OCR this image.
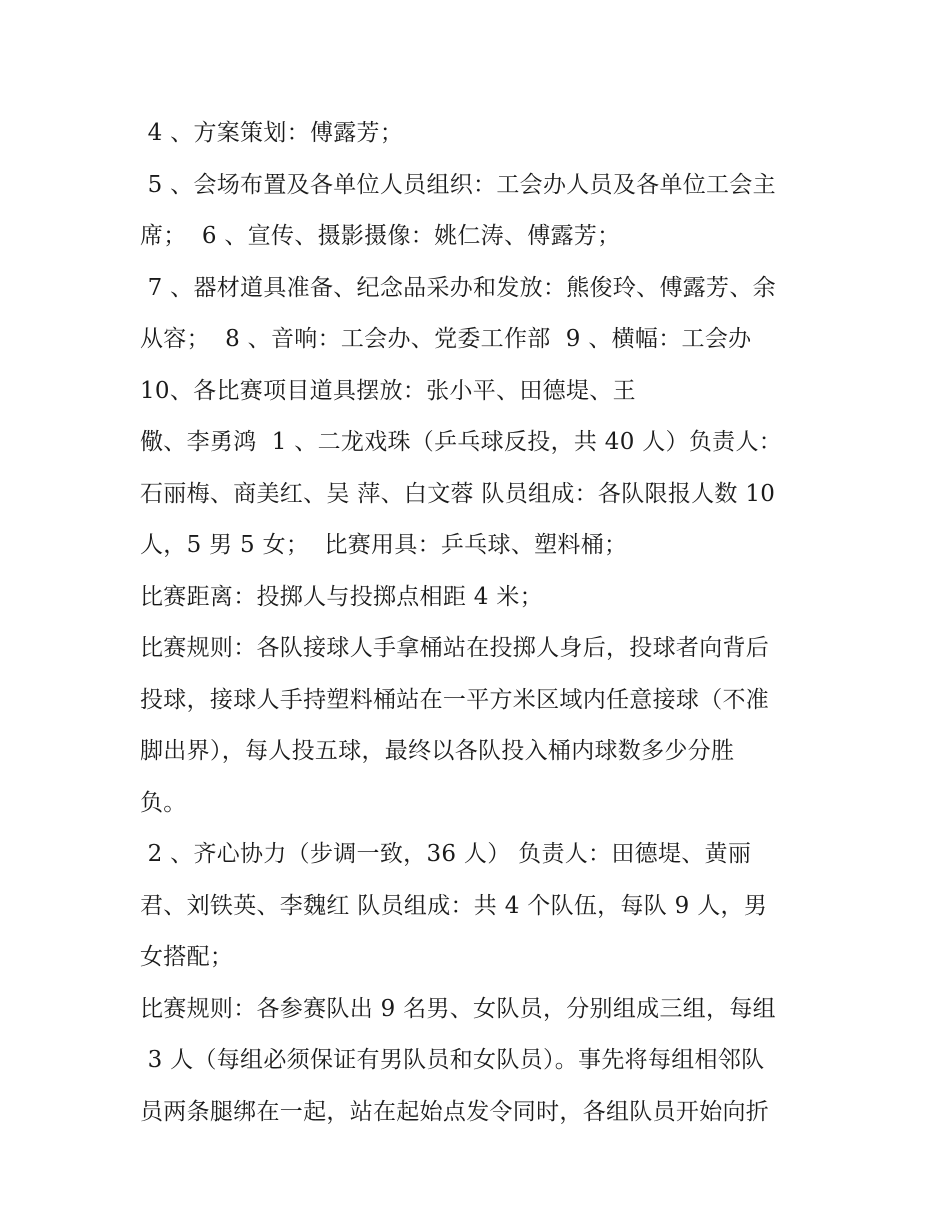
4 、方案策划：傅露芳；
5 、会场布置及各单位人员组织：工会办人员及各单位工会主
席；  6 、宣传、摄影摄像：姚仁涛、傅露芳；
7 、器材道具准备、纪念品采办和发放：熊俊玲、傅露芳、余
从容；  8 、音响：工会办、党委工作部  9 、横幅：工会办
10、各比赛项目道具摆放：张小平、田德堤、王
儆、李勇鸿  1 、二龙戏珠（乒乓球反投，共 40 人）负责人：
石丽梅、商美红、吴 萍、白文蓉 队员组成：各队限报人数 10
人，5 男 5 女；  比赛用具：乒乓球、塑料桶；
比赛距离：投掷人与投掷点相距 4 米；
比赛规则：各队接球人手拿桶站在投掷人身后，投球者向背后
投球，接球人手持塑料桶站在一平方米区域内任意接球（不准
脚出界），每人投五球，最终以各队投入桶内球数多少分胜
负。
2 、齐心协力（步调一致，36 人） 负责人：田德堤、黄丽
君、刘铁英、李魏红 队员组成：共 4 个队伍，每队 9 人，男
女搭配；
比赛规则：各参赛队出 9 名男、女队员，分别组成三组，每组
3 人（每组必须保证有男队员和女队员）。事先将每组相邻队
员两条腿绑在一起，站在起始点发令同时，各组队员开始向折
